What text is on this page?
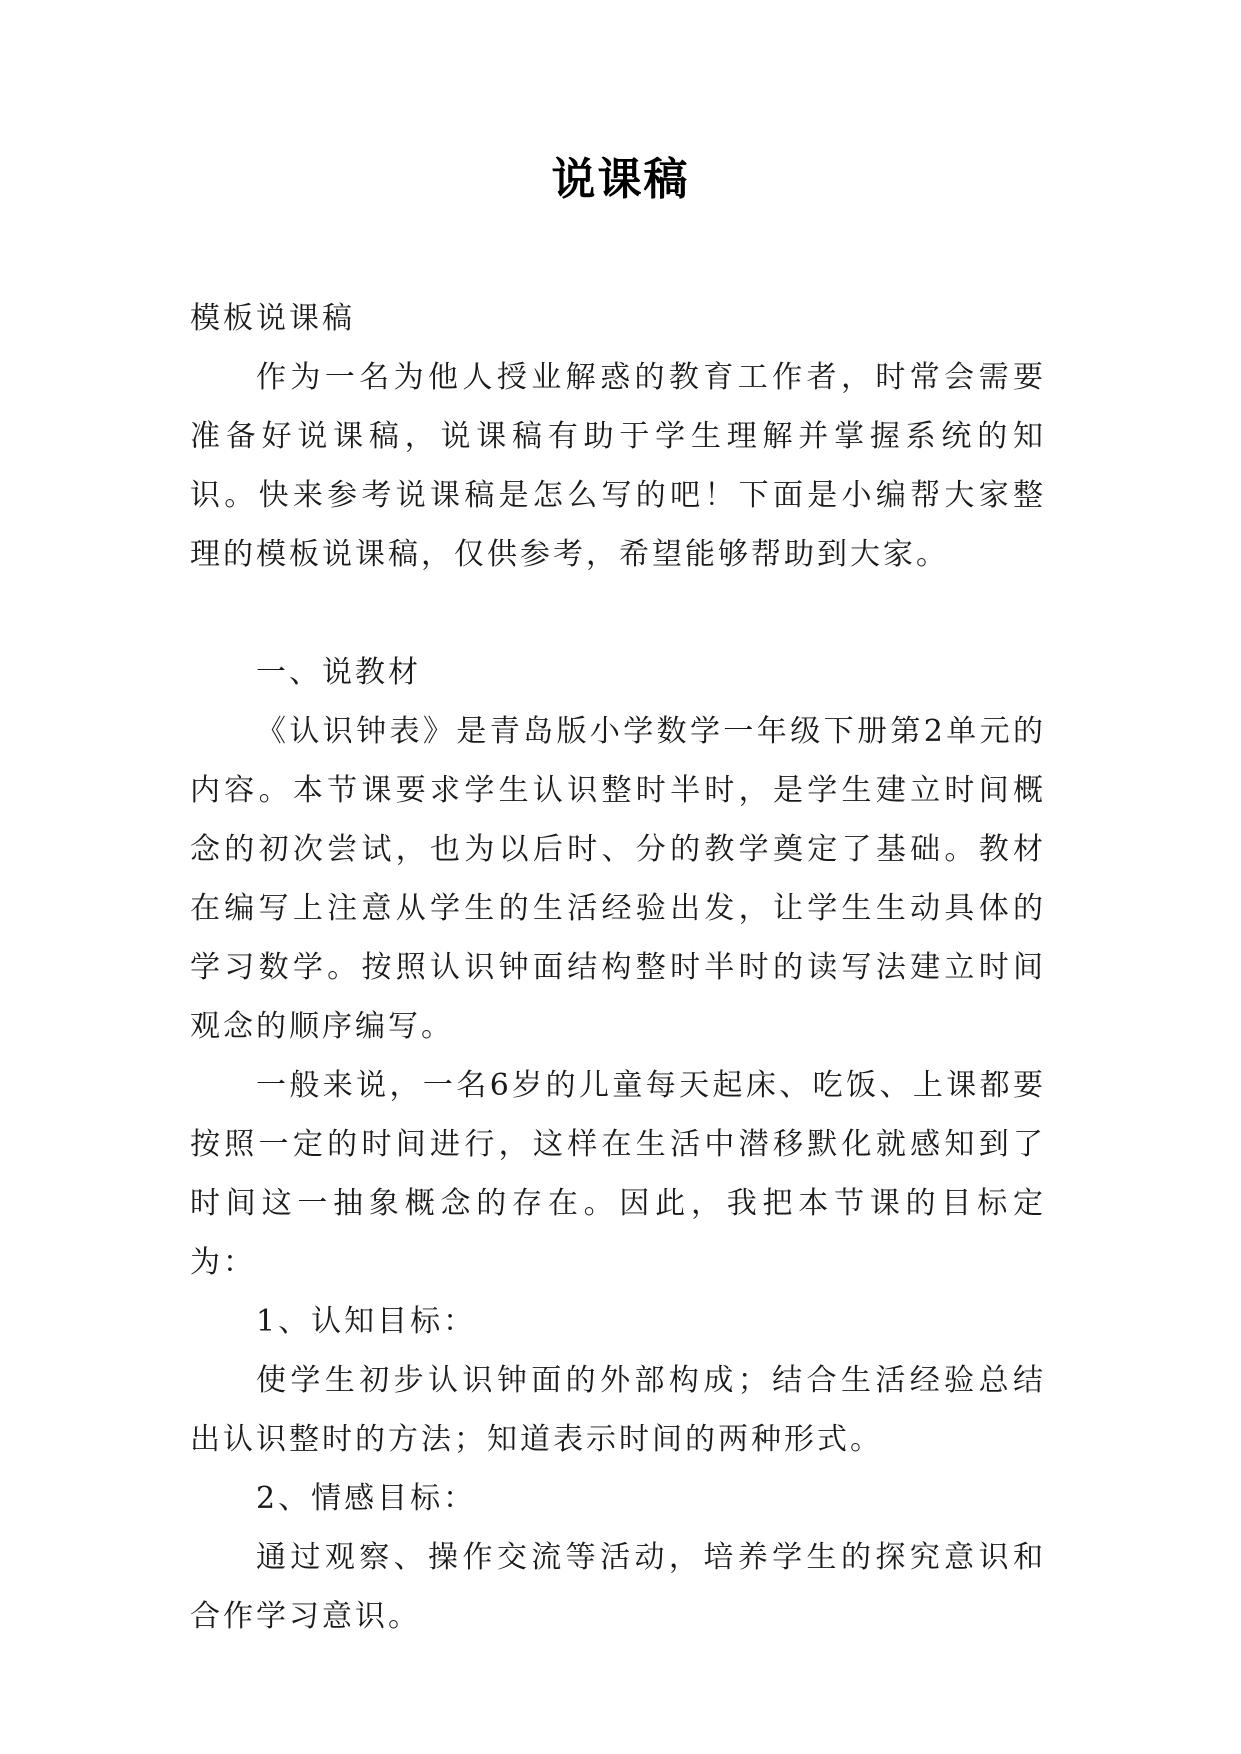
说课稿

模板说课稿

作为一名为他人授业解惑的教育工作者，时常会需要准备好说课稿，说课稿有助于学生理解并掌握系统的知识。快来参考说课稿是怎么写的吧！下面是小编帮大家整理的模板说课稿，仅供参考，希望能够帮助到大家。

一、说教材

《认识钟表》是青岛版小学数学一年级下册第2单元的内容。本节课要求学生认识整时半时，是学生建立时间概念的初次尝试，也为以后时、分的教学奠定了基础。教材在编写上注意从学生的生活经验出发，让学生生动具体的学习数学。按照认识钟面结构整时半时的读写法建立时间观念的顺序编写。

一般来说，一名6岁的儿童每天起床、吃饭、上课都要按照一定的时间进行，这样在生活中潜移默化就感知到了时间这一抽象概念的存在。因此，我把本节课的目标定为：

1、认知目标：

使学生初步认识钟面的外部构成；结合生活经验总结出认识整时的方法；知道表示时间的两种形式。

2、情感目标：

通过观察、操作交流等活动，培养学生的探究意识和合作学习意识。
